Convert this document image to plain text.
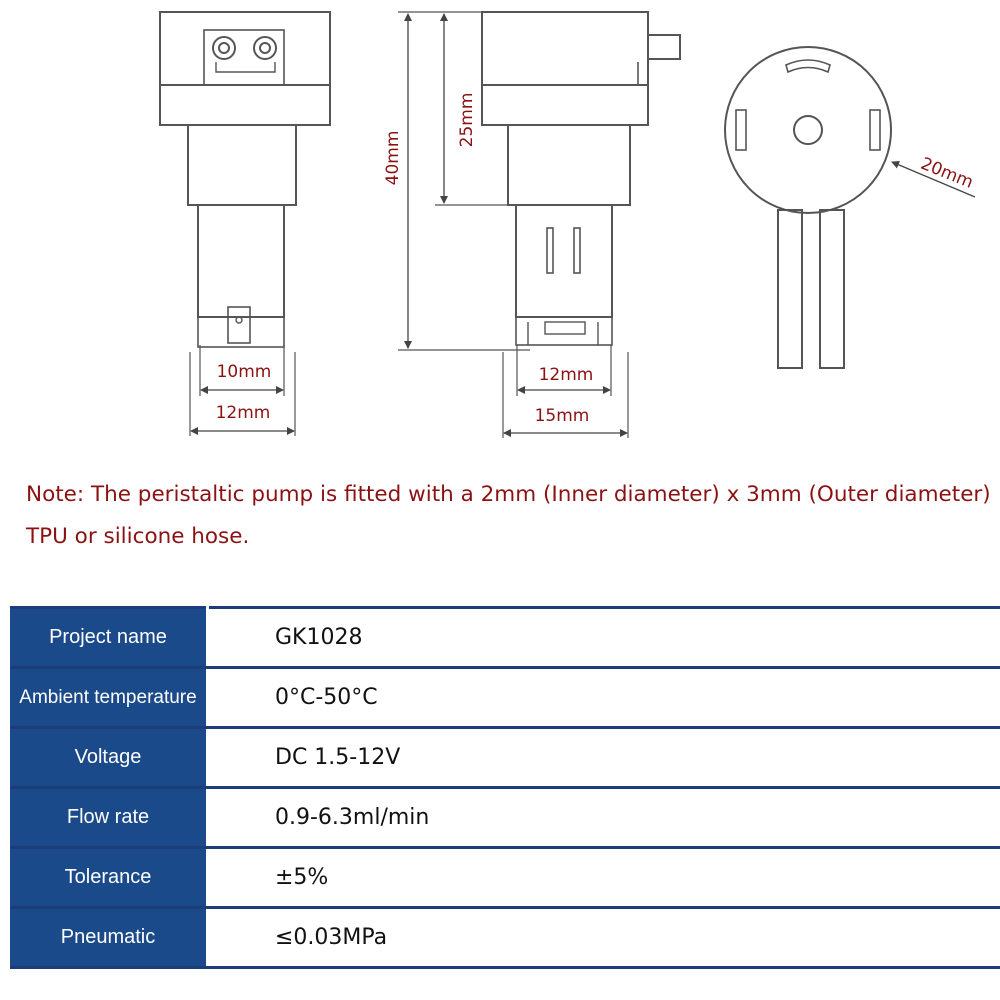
10mm
12mm
40mm
25mm
12mm
15mm
20mm
Note: The peristaltic pump is fitted with a 2mm (Inner diameter) x 3mm (Outer diameter) TPU or silicone hose.
Project name	GK1028
Ambient temperature	0°C-50°C
Voltage	DC 1.5-12V
Flow rate	0.9-6.3ml/min
Tolerance	±5%
Pneumatic	≤0.03MPa
